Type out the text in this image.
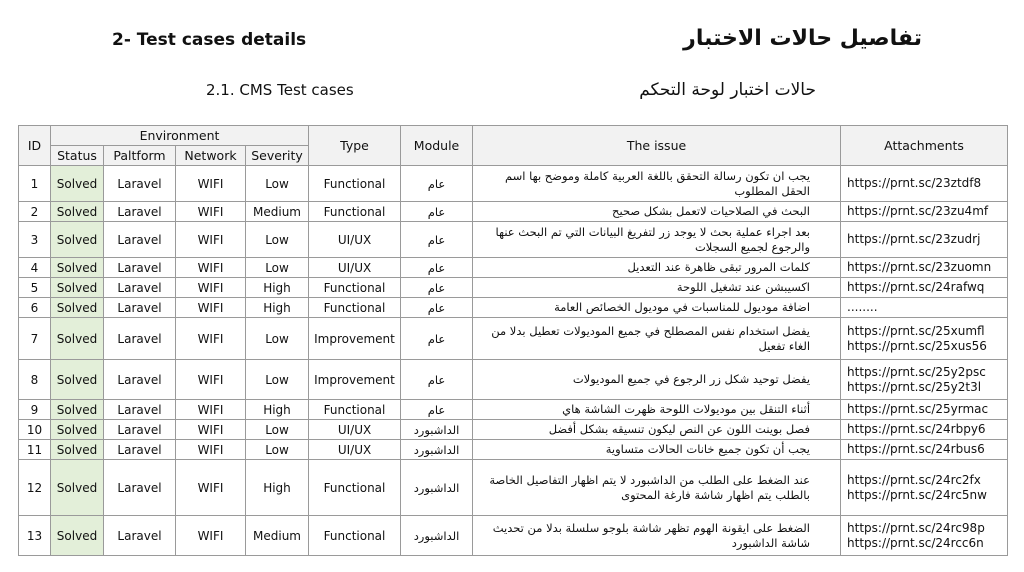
2- Test cases details	تفاصيل حالات الاختبار
2.1. CMS Test cases	حالات اختبار لوحة التحكم
ID	Environment				Type	Module	The issue	Attachments
	Status	Paltform	Network	Severity				
1	Solved	Laravel	WIFI	Low	Functional	عام	يجب ان تكون رسالة التحقق باللغة العربية كاملة وموضح بها اسم الحقل المطلوب	https://prnt.sc/23ztdf8

2	Solved	Laravel	WIFI	Medium	Functional	عام	البحث في الصلاحيات لاتعمل بشكل صحيح	https://prnt.sc/23zu4mf

3	Solved	Laravel	WIFI	Low	UI/UX	عام	بعد اجراء عملية بحث لا يوجد زر لتفريغ البيانات التي تم البحث عنها والرجوع لجميع السجلات	https://prnt.sc/23zudrj

4	Solved	Laravel	WIFI	Low	UI/UX	عام	كلمات المرور تبقى ظاهرة عند التعديل	https://prnt.sc/23zuomn

5	Solved	Laravel	WIFI	High	Functional	عام	اكسيبشن عند تشغيل اللوحة	https://prnt.sc/24rafwq

6	Solved	Laravel	WIFI	High	Functional	عام	اضافة موديول للمناسبات في موديول الخصائص العامة	........

7	Solved	Laravel	WIFI	Low	Improvement	عام	يفضل استخدام نفس المصطلح في جميع الموديولات تعطيل بدلا من الغاء تفعيل	https://prnt.sc/25xumfl
https://prnt.sc/25xus56

8	Solved	Laravel	WIFI	Low	Improvement	عام	يفضل توحيد شكل زر الرجوع في جميع الموديولات	https://prnt.sc/25y2psc
https://prnt.sc/25y2t3l

9	Solved	Laravel	WIFI	High	Functional	عام	أثناء التنقل بين موديولات اللوحة ظهرت الشاشة هاي	https://prnt.sc/25yrmac

10	Solved	Laravel	WIFI	Low	UI/UX	الداشبورد	فصل بوينت اللون عن النص ليكون تنسيقه بشكل أفضل	https://prnt.sc/24rbpy6

11	Solved	Laravel	WIFI	Low	UI/UX	الداشبورد	يجب أن تكون جميع خانات الحالات متساوية	https://prnt.sc/24rbus6

12	Solved	Laravel	WIFI	High	Functional	الداشبورد	عند الضغط على الطلب من الداشبورد لا يتم اظهار التفاصيل الخاصة بالطلب يتم اظهار شاشة فارغة المحتوى	https://prnt.sc/24rc2fx
https://prnt.sc/24rc5nw

13	Solved	Laravel	WIFI	Medium	Functional	الداشبورد	الضغط على ايقونة الهوم تظهر شاشة بلوجو سلسلة بدلا من تحديث شاشة الداشبورد	https://prnt.sc/24rc98p
https://prnt.sc/24rcc6n
